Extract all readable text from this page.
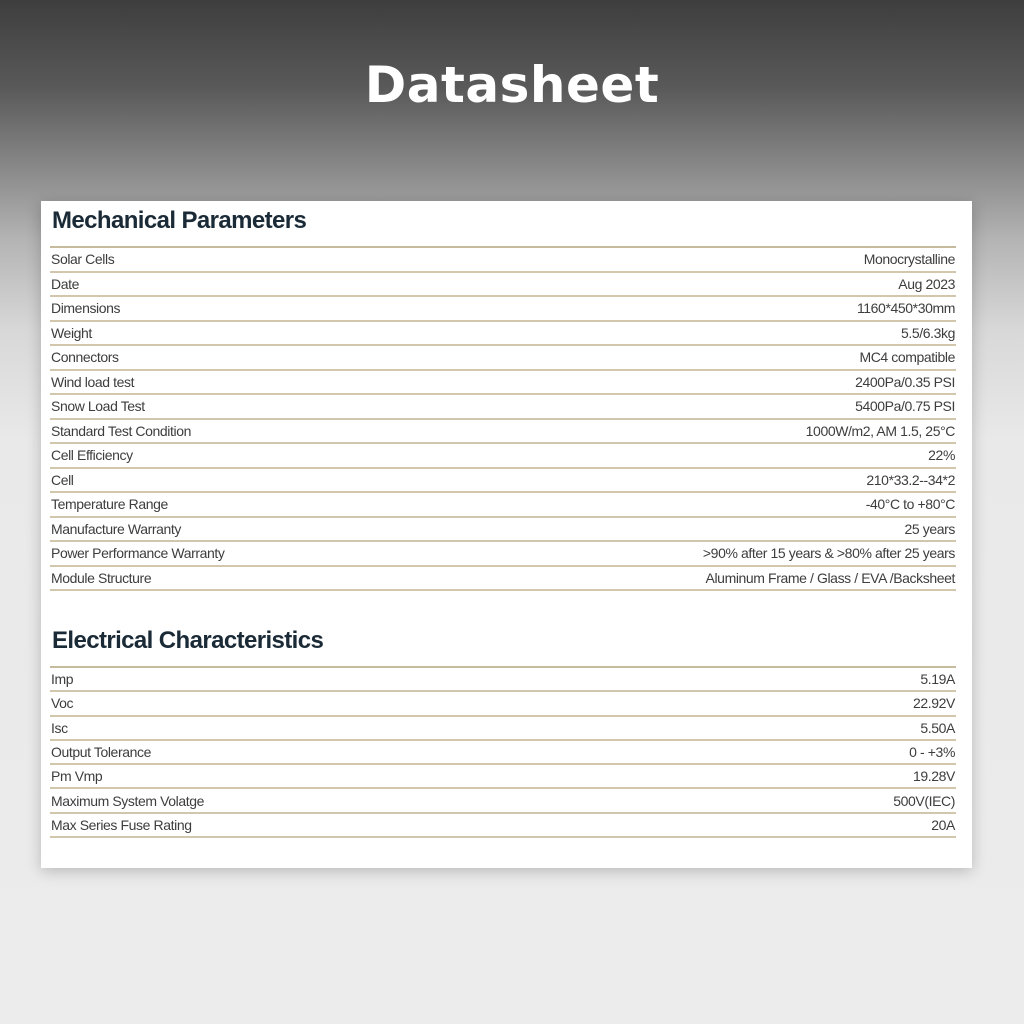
Datasheet
Mechanical Parameters
Solar Cells	Monocrystalline
Date	Aug 2023
Dimensions	1160*450*30mm
Weight	5.5/6.3kg
Connectors	MC4 compatible
Wind load test	2400Pa/0.35 PSI
Snow Load Test	5400Pa/0.75 PSI
Standard Test Condition	1000W/m2, AM 1.5, 25°C
Cell Efficiency	22%
Cell	210*33.2--34*2
Temperature Range	-40°C to +80°C
Manufacture Warranty	25 years
Power Performance Warranty	>90% after 15 years & >80% after 25 years
Module Structure	Aluminum Frame / Glass / EVA /Backsheet
Electrical Characteristics
Imp	5.19A
Voc	22.92V
Isc	5.50A
Output Tolerance	0 - +3%
Pm Vmp	19.28V
Maximum System Volatge	500V(IEC)
Max Series Fuse Rating	20A
